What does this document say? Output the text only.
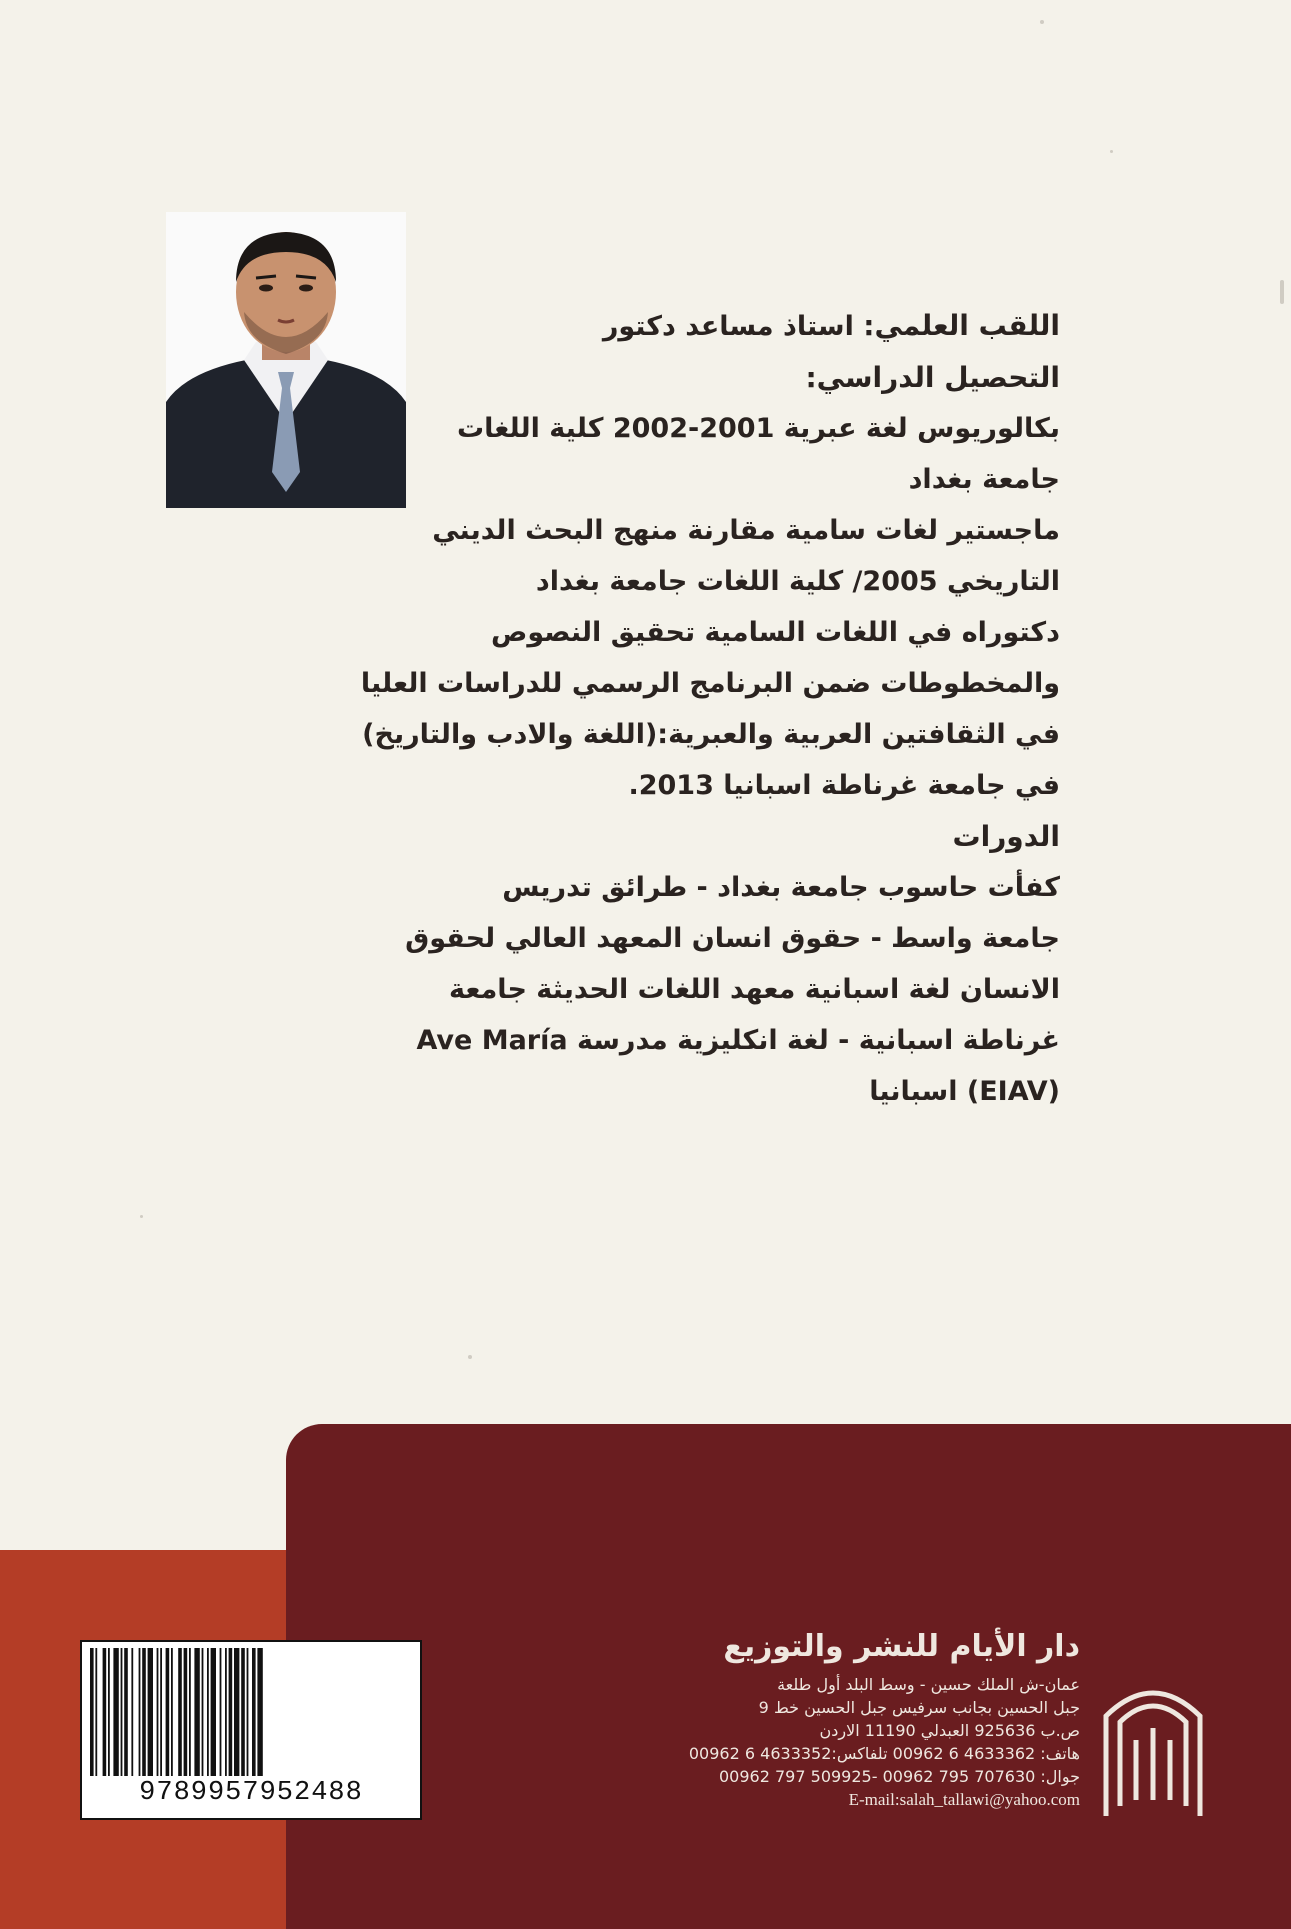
اللقب العلمي: استاذ مساعد دكتور
التحصيل الدراسي:
بكالوريوس لغة عبرية 2001-2002 كلية اللغات
جامعة بغداد
ماجستير لغات سامية مقارنة منهج البحث الديني
التاريخي 2005/ كلية اللغات جامعة بغداد
دكتوراه في اللغات السامية تحقيق النصوص
والمخطوطات ضمن البرنامج الرسمي للدراسات العليا
في الثقافتين العربية والعبرية:(اللغة والادب والتاريخ)
في جامعة غرناطة اسبانيا 2013.
الدورات
كفأت حاسوب جامعة بغداد - طرائق تدريس
جامعة واسط - حقوق انسان المعهد العالي لحقوق
الانسان لغة اسبانية معهد اللغات الحديثة جامعة
غرناطة اسبانية - لغة انكليزية مدرسة Ave María
(EIAV) اسبانيا
9789957952488
دار الأيام للنشر والتوزيع
عمان-ش الملك حسين - وسط البلد أول طلعة
جبل الحسين بجانب سرفيس جبل الحسين خط 9
ص.ب 925636 العبدلي 11190 الاردن
هاتف: 4633362 6 00962 تلفاكس:4633352 6 00962
جوال: 707630 795 00962 -509925 797 00962
E-mail:salah_tallawi@yahoo.com
